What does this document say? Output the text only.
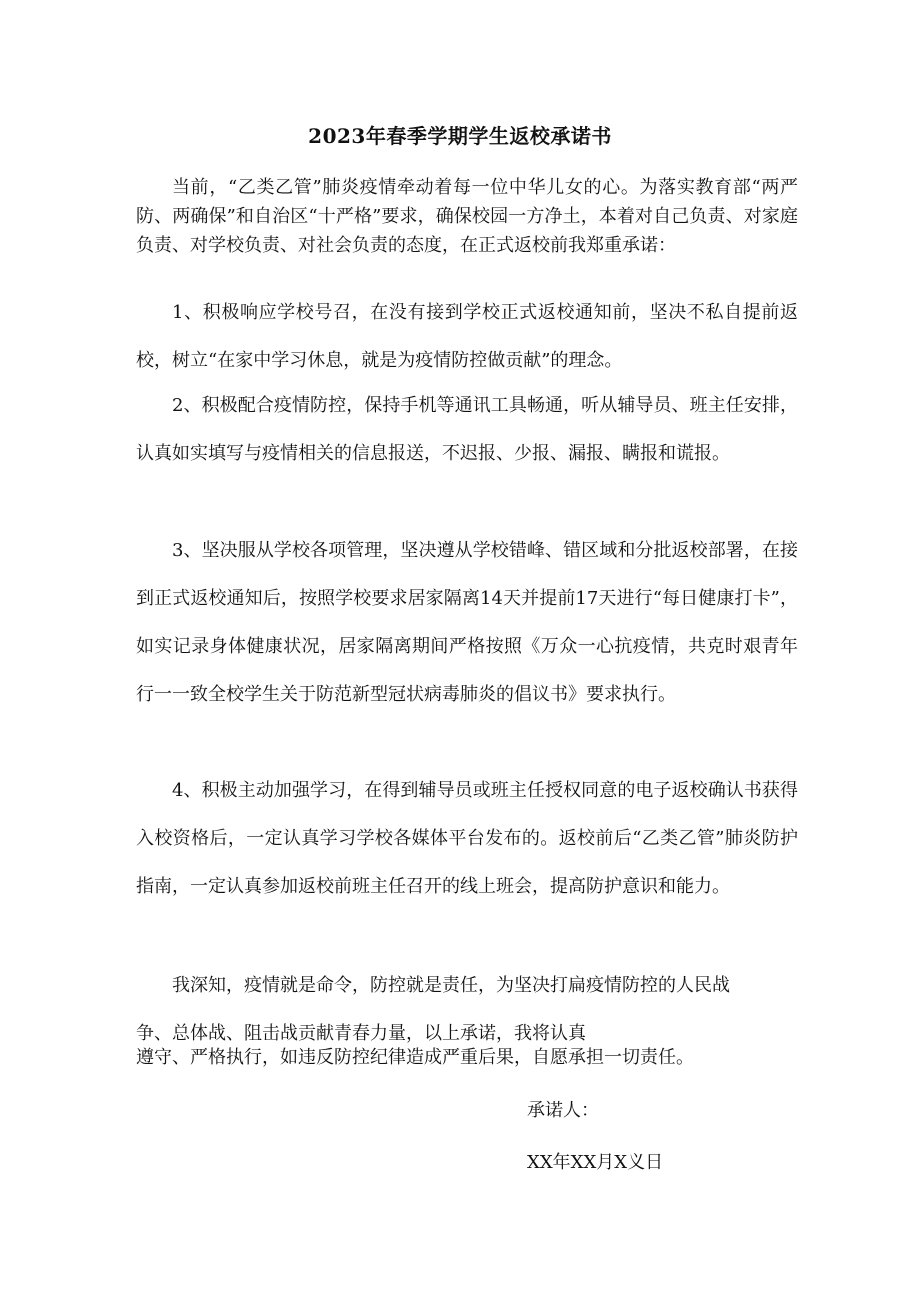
2023年春季学期学生返校承诺书

当前，“乙类乙管”肺炎疫情牵动着每一位中华儿女的心。为落实教育部“两严防、两确保”和自治区“十严格”要求，确保校园一方净土，本着对自己负责、对家庭负责、对学校负责、对社会负责的态度，在正式返校前我郑重承诺：

1、积极响应学校号召，在没有接到学校正式返校通知前，坚决不私自提前返校，树立“在家中学习休息，就是为疫情防控做贡献”的理念。

2、积极配合疫情防控，保持手机等通讯工具畅通，听从辅导员、班主任安排，认真如实填写与疫情相关的信息报送，不迟报、少报、漏报、瞒报和谎报。

3、坚决服从学校各项管理，坚决遵从学校错峰、错区域和分批返校部署，在接到正式返校通知后，按照学校要求居家隔离14天并提前17天进行“每日健康打卡”，如实记录身体健康状况，居家隔离期间严格按照《万众一心抗疫情，共克时艰青年行一一致全校学生关于防范新型冠状病毒肺炎的倡议书》要求执行。

4、积极主动加强学习，在得到辅导员或班主任授权同意的电子返校确认书获得入校资格后，一定认真学习学校各媒体平台发布的。返校前后“乙类乙管”肺炎防护指南，一定认真参加返校前班主任召开的线上班会，提高防护意识和能力。

我深知，疫情就是命令，防控就是责任，为坚决打扁疫情防控的人民战
争、总体战、阻击战贡献青春力量，以上承诺，我将认真
遵守、严格执行，如违反防控纪律造成严重后果，自愿承担一切责任。
承诺人：
XX年XX月X义日
